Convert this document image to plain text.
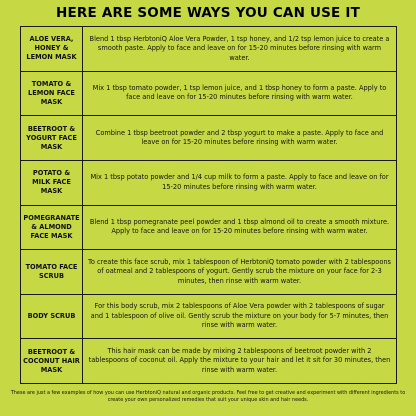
HERE ARE SOME WAYS YOU CAN USE IT
ALOE VERA, HONEY & LEMON MASK
Blend 1 tbsp HerbtoniQ Aloe Vera Powder, 1 tsp honey, and 1/2 tsp lemon juice to create a smooth paste. Apply to face and leave on for 15-20 minutes before rinsing with warm water.
TOMATO & LEMON FACE MASK
Mix 1 tbsp tomato powder, 1 tsp lemon juice, and 1 tbsp honey to form a paste. Apply to face and leave on for 15-20 minutes before rinsing with warm water.
BEETROOT & YOGURT FACE MASK
Combine 1 tbsp beetroot powder and 2 tbsp yogurt to make a paste. Apply to face and leave on for 15-20 minutes before rinsing with warm water.
POTATO & MILK FACE MASK
Mix 1 tbsp potato powder and 1/4 cup milk to form a paste. Apply to face and leave on for 15-20 minutes before rinsing with warm water.
POMEGRANATE & ALMOND FACE MASK
Blend 1 tbsp pomegranate peel powder and 1 tbsp almond oil to create a smooth mixture. Apply to face and leave on for 15-20 minutes before rinsing with warm water.
TOMATO FACE SCRUB
To create this face scrub, mix 1 tablespoon of HerbtoniQ tomato powder with 2 tablespoons of oatmeal and 2 tablespoons of yogurt. Gently scrub the mixture on your face for 2-3 minutes, then rinse with warm water.
BODY SCRUB
For this body scrub, mix 2 tablespoons of Aloe Vera powder with 2 tablespoons of sugar and 1 tablespoon of olive oil. Gently scrub the mixture on your body for 5-7 minutes, then rinse with warm water.
BEETROOT & COCONUT HAIR MASK
This hair mask can be made by mixing 2 tablespoons of beetroot powder with 2 tablespoons of coconut oil. Apply the mixture to your hair and let it sit for 30 minutes, then rinse with warm water.
These are just a few examples of how you can use HerbtoniQ natural and organic products. Feel free to get creative and experiment with different ingredients to create your own personalized remedies that suit your unique skin and hair needs.
